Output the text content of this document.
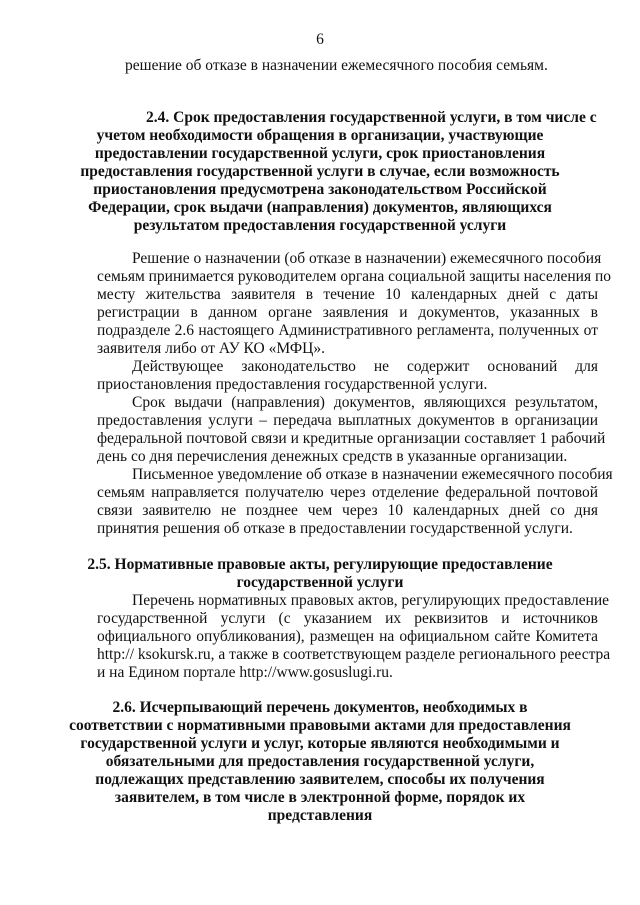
6
решение об отказе в назначении ежемесячного пособия семьям.
2.4. Срок предоставления государственной услуги, в том числе с
учетом необходимости обращения в организации, участвующие
предоставлении государственной услуги, срок приостановления
предоставления государственной услуги в случае, если возможность
приостановления предусмотрена законодательством Российской
Федерации, срок выдачи (направления) документов, являющихся
результатом предоставления государственной услуги
Решение о назначении (об отказе в назначении) ежемесячного пособия
семьям принимается руководителем органа социальной защиты населения по
месту жительства заявителя в течение 10 календарных дней с даты
регистрации в данном органе заявления и документов, указанных в
подразделе 2.6 настоящего Административного регламента, полученных от
заявителя либо от АУ КО «МФЦ».
Действующее законодательство не содержит оснований для
приостановления предоставления государственной услуги.
Срок выдачи (направления) документов, являющихся результатом,
предоставления услуги – передача выплатных документов в организации
федеральной почтовой связи и кредитные организации составляет 1 рабочий
день со дня перечисления денежных средств в указанные организации.
Письменное уведомление об отказе в назначении ежемесячного пособия
семьям направляется получателю через отделение федеральной почтовой
связи заявителю не позднее чем через 10 календарных дней со дня
принятия решения об отказе в предоставлении государственной услуги.
2.5. Нормативные правовые акты, регулирующие предоставление
государственной услуги
Перечень нормативных правовых актов, регулирующих предоставление
государственной услуги (с указанием их реквизитов и источников
официального опубликования), размещен на официальном сайте Комитета
http:// ksokursk.ru, а также в соответствующем разделе регионального реестра
и на Едином портале http://www.gosuslugi.ru.
2.6. Исчерпывающий перечень документов, необходимых в
соответствии с нормативными правовыми актами для предоставления
государственной услуги и услуг, которые являются необходимыми и
обязательными для предоставления государственной услуги,
подлежащих представлению заявителем, способы их получения
заявителем, в том числе в электронной форме, порядок их
представления
